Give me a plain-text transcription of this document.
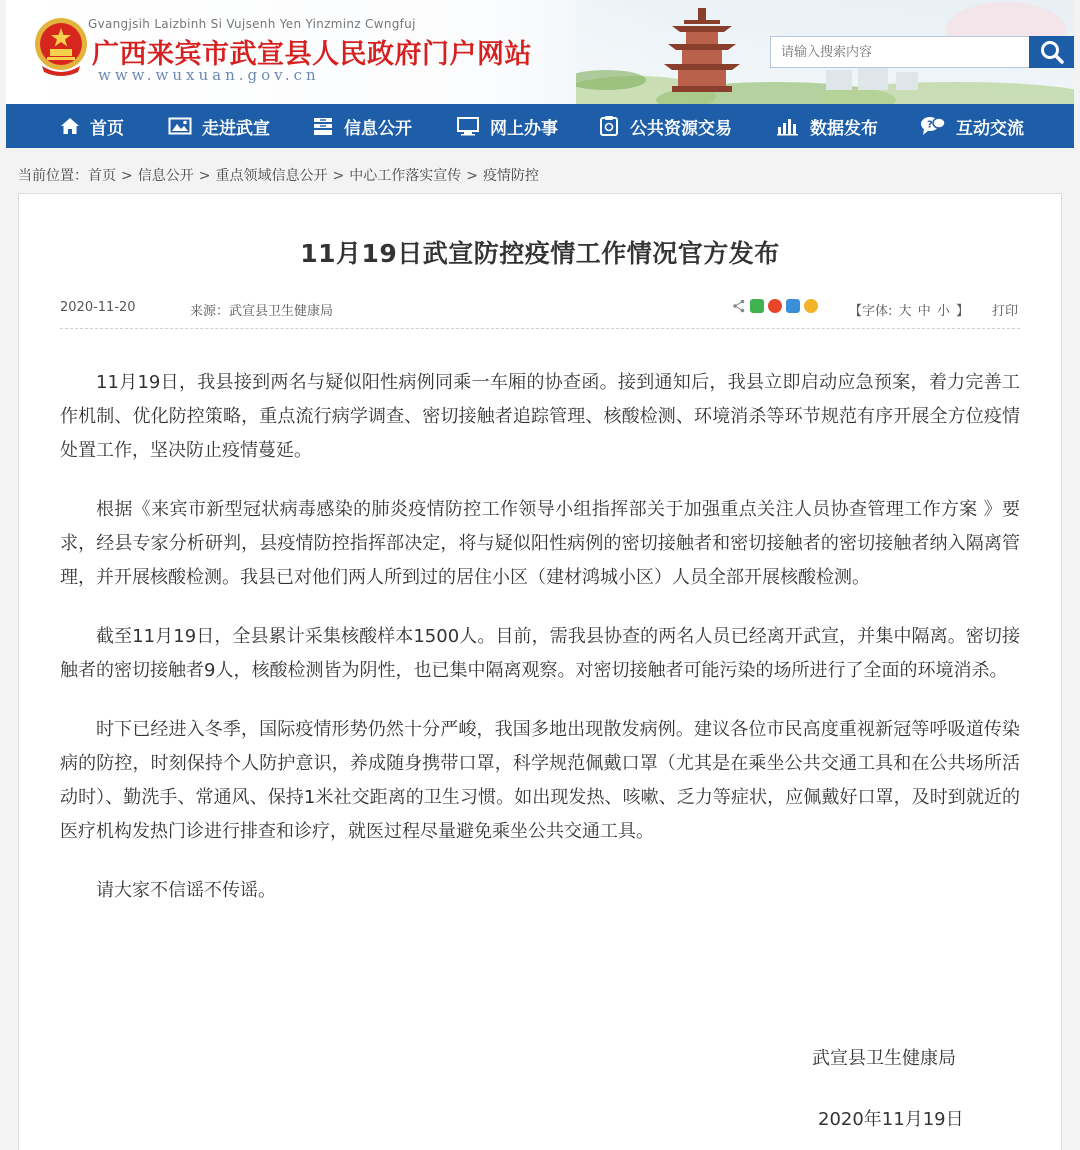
Gvangjsih Laizbinh Si Vujsenh Yen Yinzminz Cwngfuj
广西来宾市武宣县人民政府门户网站
www.wuxuan.gov.cn
请输入搜索内容
首页	走进武宣	信息公开	网上办事	公共资源交易	数据发布	? 互动交流
当前位置：首页 > 信息公开 > 重点领域信息公开 > 中心工作落实宣传 > 疫情防控
11月19日武宣防控疫情工作情况官方发布
2020-11-20	来源：武宣县卫生健康局	【字体: 大 中 小 】 打印

11月19日，我县接到两名与疑似阳性病例同乘一车厢的协查函。接到通知后，我县立即启动应急预案，着力完善工作机制、优化防控策略，重点流行病学调查、密切接触者追踪管理、核酸检测、环境消杀等环节规范有序开展全方位疫情处置工作，坚决防止疫情蔓延。

根据《来宾市新型冠状病毒感染的肺炎疫情防控工作领导小组指挥部关于加强重点关注人员协查管理工作方案 》要求，经县专家分析研判，县疫情防控指挥部决定，将与疑似阳性病例的密切接触者和密切接触者的密切接触者纳入隔离管理，并开展核酸检测。我县已对他们两人所到过的居住小区（建材鸿城小区）人员全部开展核酸检测。

截至11月19日，全县累计采集核酸样本1500人。目前，需我县协查的两名人员已经离开武宣，并集中隔离。密切接触者的密切接触者9人，核酸检测皆为阴性，也已集中隔离观察。对密切接触者可能污染的场所进行了全面的环境消杀。

时下已经进入冬季，国际疫情形势仍然十分严峻，我国多地出现散发病例。建议各位市民高度重视新冠等呼吸道传染病的防控，时刻保持个人防护意识，养成随身携带口罩，科学规范佩戴口罩（尤其是在乘坐公共交通工具和在公共场所活动时）、勤洗手、常通风、保持1米社交距离的卫生习惯。如出现发热、咳嗽、乏力等症状，应佩戴好口罩，及时到就近的医疗机构发热门诊进行排查和诊疗，就医过程尽量避免乘坐公共交通工具。

请大家不信谣不传谣。

武宣县卫生健康局
2020年11月19日
